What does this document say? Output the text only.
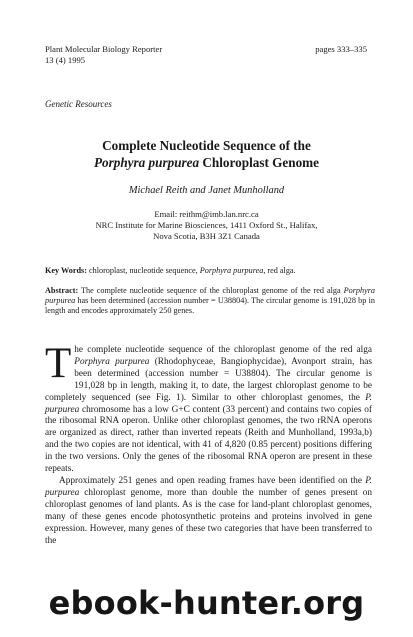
Plant Molecular Biology Reporter
13 (4) 1995
pages 333–335
Genetic Resources
Complete Nucleotide Sequence of the
Porphyra purpurea Chloroplast Genome
Michael Reith and Janet Munholland
Email: reithm@imb.lan.nrc.ca
NRC Institute for Marine Biosciences, 1411 Oxford St., Halifax,
Nova Scotia, B3H 3Z1 Canada
Key Words: chloroplast, nucleotide sequence, Porphyra purpurea, red alga.
Abstract: The complete nucleotide sequence of the chloroplast genome of the red alga Porphyra purpurea has been determined (accession number = U38804). The circular genome is 191,028 bp in length and encodes approximately 250 genes.

The complete nucleotide sequence of the chloroplast genome of the red alga Porphyra purpurea (Rhodophyceae, Bangiophycidae), Avonport strain, has been determined (accession number = U38804). The circular genome is 191,028 bp in length, making it, to date, the largest chloroplast genome to be completely sequenced (see Fig. 1). Similar to other chloroplast genomes, the P. purpurea chromosome has a low G+C content (33 percent) and contains two copies of the ribosomal RNA operon. Unlike other chloroplast genomes, the two rRNA operons are organized as direct, rather than inverted repeats (Reith and Munholland, 1993a,b) and the two copies are not identical, with 41 of 4,820 (0.85 percent) positions differing in the two versions. Only the genes of the ribosomal RNA operon are present in these repeats.

Approximately 251 genes and open reading frames have been identified on the P. purpurea chloroplast genome, more than double the number of genes present on chloroplast genomes of land plants. As is the case for land-plant chloroplast genomes, many of these genes encode photosynthetic proteins and proteins involved in gene expression. However, many genes of these two categories that have been transferred to the

ebook-hunter.org
